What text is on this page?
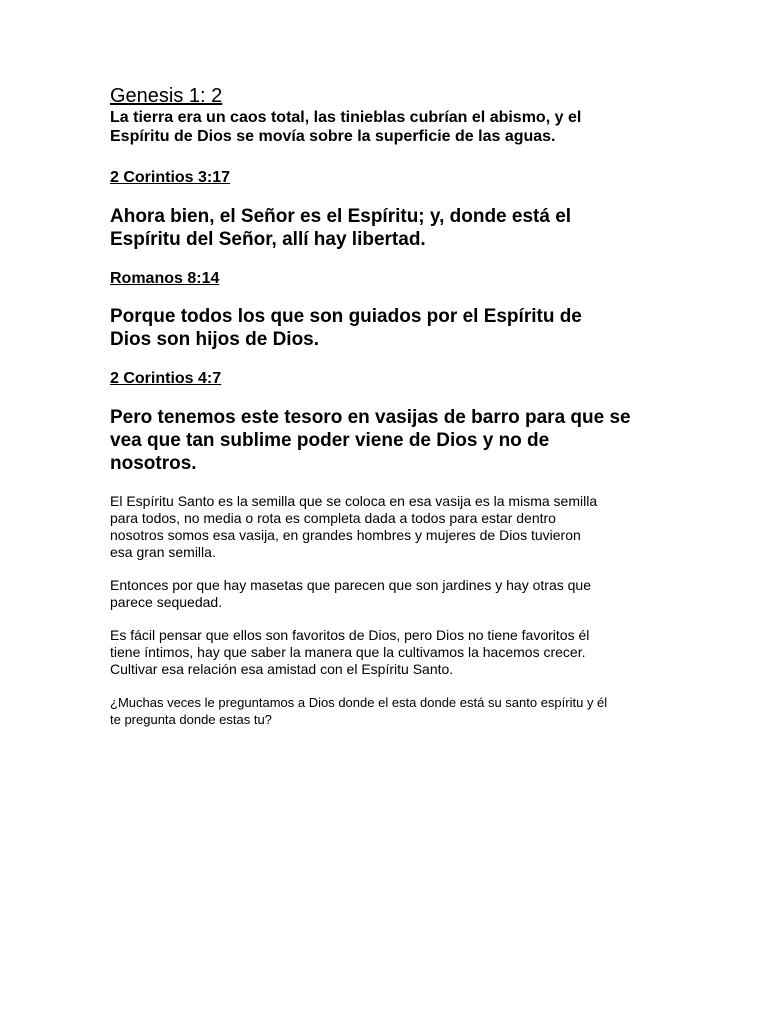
Genesis 1: 2
La tierra era un caos total, las tinieblas cubrían el abismo, y el
Espíritu de Dios se movía sobre la superficie de las aguas.
2 Corintios 3:17
Ahora bien, el Señor es el Espíritu; y, donde está el
Espíritu del Señor, allí hay libertad.
Romanos 8:14
Porque todos los que son guiados por el Espíritu de
Dios son hijos de Dios.
2 Corintios 4:7
Pero tenemos este tesoro en vasijas de barro para que se
vea que tan sublime poder viene de Dios y no de
nosotros.
El Espíritu Santo es la semilla que se coloca en esa vasija es la misma semilla
para todos, no media o rota es completa dada a todos para estar dentro
nosotros somos esa vasija, en grandes hombres y mujeres de Dios tuvieron
esa gran semilla.
Entonces por que hay masetas que parecen que son jardines y hay otras que
parece sequedad.
Es fácil pensar que ellos son favoritos de Dios, pero Dios no tiene favoritos él
tiene íntimos, hay que saber la manera que la cultivamos la hacemos crecer.
Cultivar esa relación esa amistad con el Espíritu Santo.
¿Muchas veces le preguntamos a Dios donde el esta donde está su santo espíritu y él
te pregunta donde estas tu?
